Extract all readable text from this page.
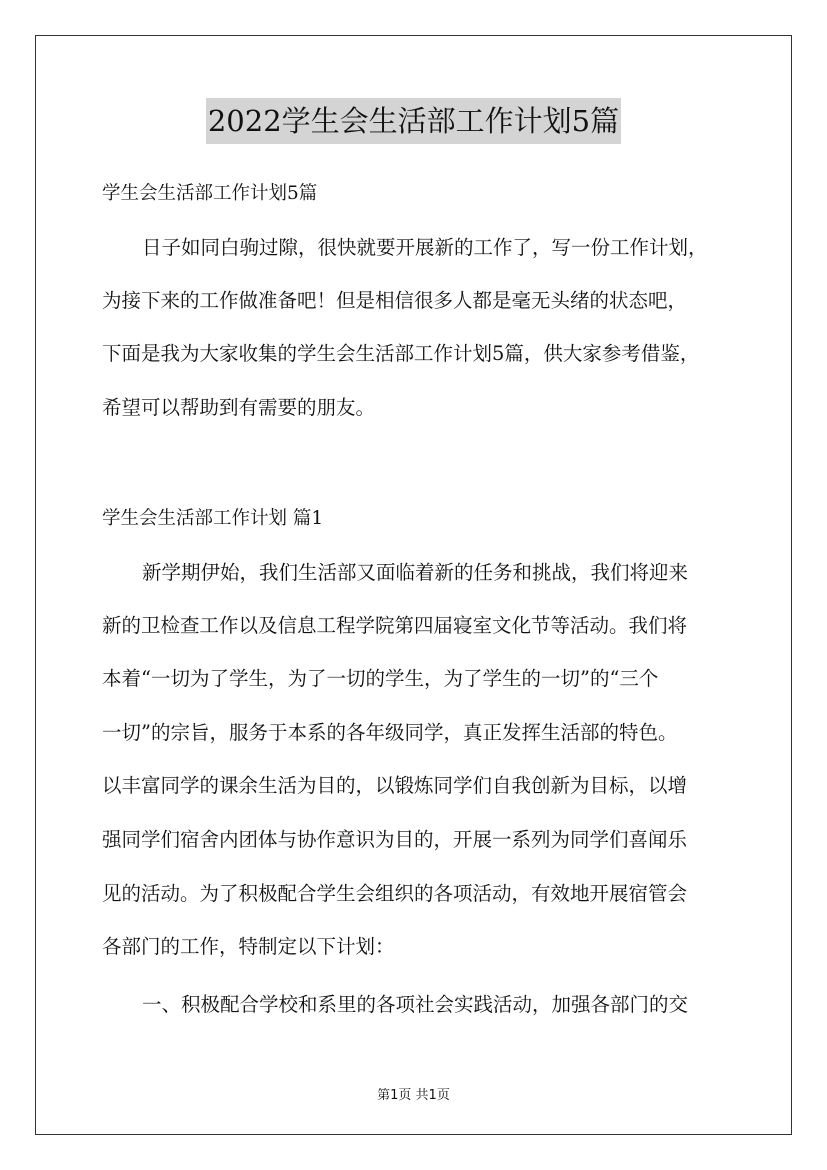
2022学生会生活部工作计划5篇
学生会生活部工作计划5篇
日子如同白驹过隙，很快就要开展新的工作了，写一份工作计划，
为接下来的工作做准备吧！但是相信很多人都是毫无头绪的状态吧，
下面是我为大家收集的学生会生活部工作计划5篇，供大家参考借鉴，
希望可以帮助到有需要的朋友。
学生会生活部工作计划 篇1
新学期伊始，我们生活部又面临着新的任务和挑战，我们将迎来
新的卫检查工作以及信息工程学院第四届寝室文化节等活动。我们将
本着“一切为了学生，为了一切的学生，为了学生的一切”的“三个
一切”的宗旨，服务于本系的各年级同学，真正发挥生活部的特色。
以丰富同学的课余生活为目的，以锻炼同学们自我创新为目标，以增
强同学们宿舍内团体与协作意识为目的，开展一系列为同学们喜闻乐
见的活动。为了积极配合学生会组织的各项活动，有效地开展宿管会
各部门的工作，特制定以下计划：
一、积极配合学校和系里的各项社会实践活动，加强各部门的交
第1页 共1页
